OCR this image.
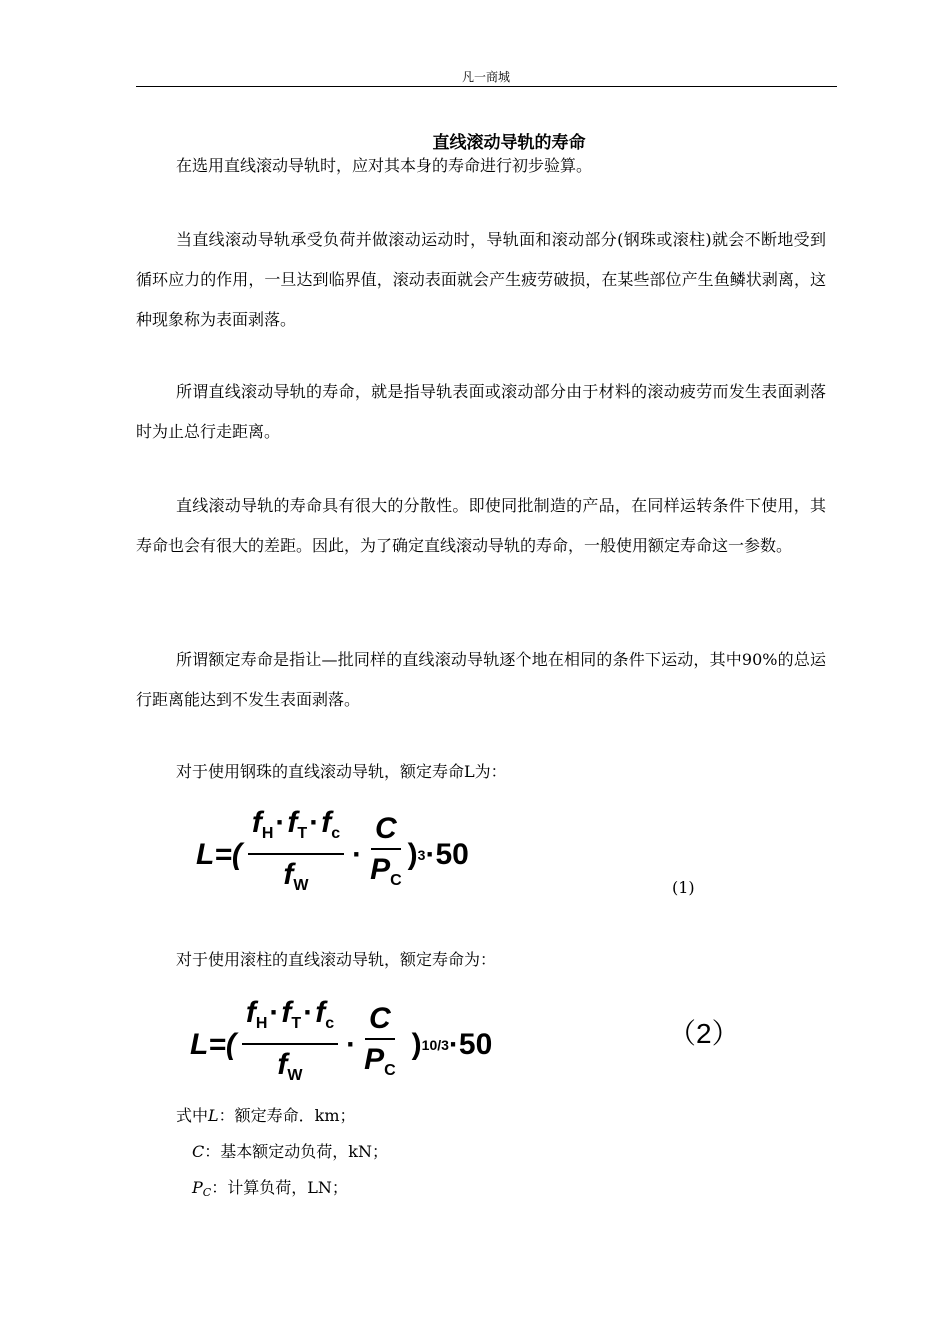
凡一商城
直线滚动导轨的寿命
在选用直线滚动导轨时，应对其本身的寿命进行初步验算。
当直线滚动导轨承受负荷并做滚动运动时，导轨面和滚动部分(钢珠或滚柱)就会不断地受到循环应力的作用，一旦达到临界值，滚动表面就会产生疲劳破损，在某些部位产生鱼鳞状剥离，这种现象称为表面剥落。
所谓直线滚动导轨的寿命，就是指导轨表面或滚动部分由于材料的滚动疲劳而发生表面剥落时为止总行走距离。
直线滚动导轨的寿命具有很大的分散性。即使同批制造的产品，在同样运转条件下使用，其寿命也会有很大的差距。因此，为了确定直线滚动导轨的寿命，一般使用额定寿命这一参数。
所谓额定寿命是指让—批同样的直线滚动导轨逐个地在相同的条件下运动，其中90%的总运行距离能达到不发生表面剥落。
对于使用钢珠的直线滚动导轨，额定寿命L为：
$L=( \frac{f_H\cdot f_T\cdot f_c}{f_W} \cdot \frac{C}{P_C}$ ) 3 ·50
(1)
对于使用滚柱的直线滚动导轨，额定寿命为：
$L=( \frac{f_H\cdot f_T\cdot f_c}{f_W} \cdot \frac{C}{P_C}$ ) 10/3 ·50	（2）
式中L：额定寿命．km；
C：基本额定动负荷，kN；
PC：计算负荷，LN；
